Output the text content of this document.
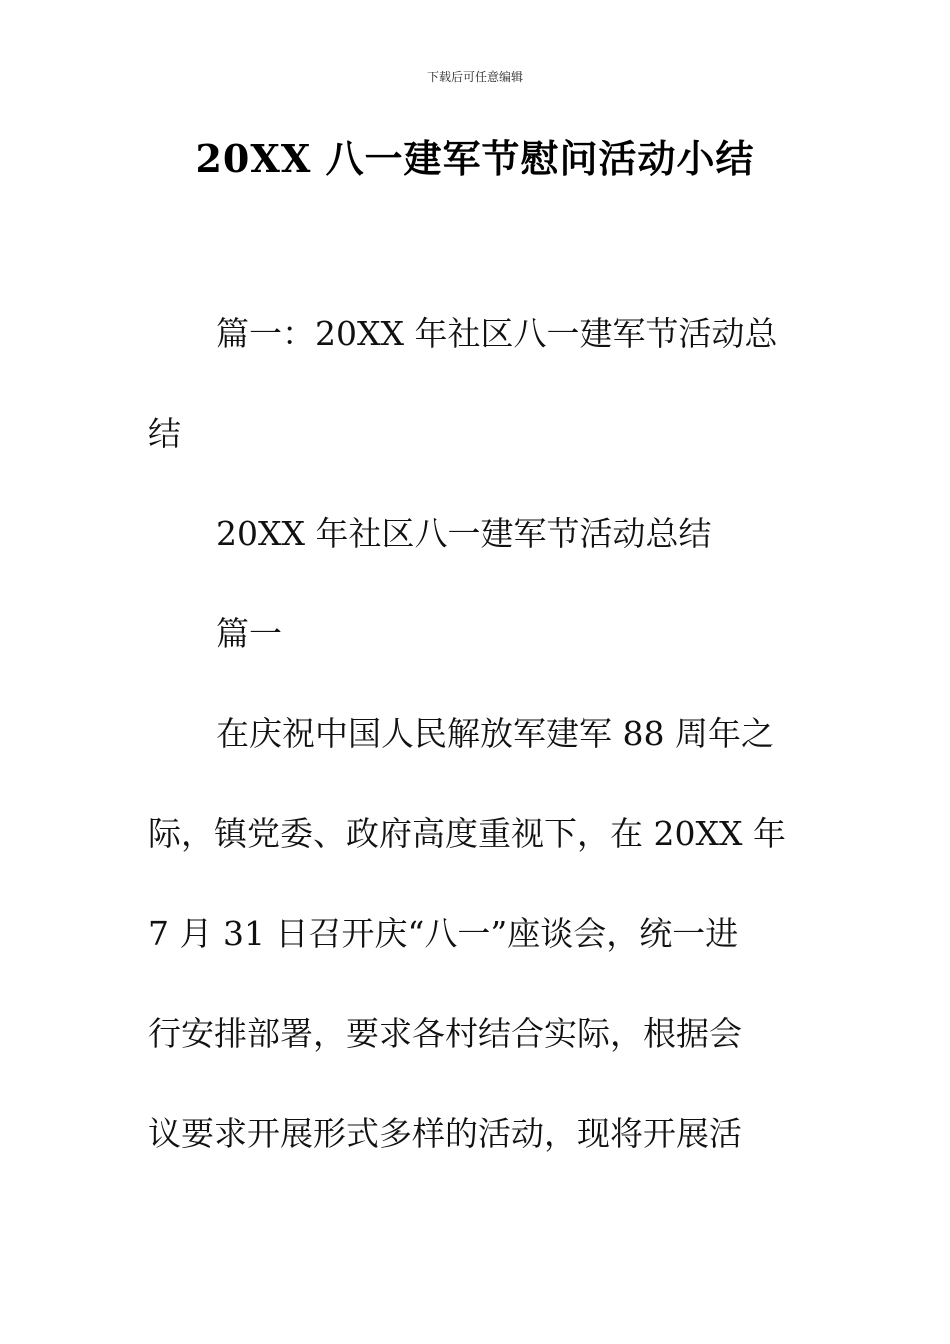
下载后可任意编辑
20XX 八一建军节慰问活动小结
篇一：20XX 年社区八一建军节活动总
结
20XX 年社区八一建军节活动总结
篇一
在庆祝中国人民解放军建军 88 周年之
际，镇党委、政府高度重视下，在 20XX 年
7 月 31 日召开庆“八一”座谈会，统一进
行安排部署，要求各村结合实际，根据会
议要求开展形式多样的活动，现将开展活
